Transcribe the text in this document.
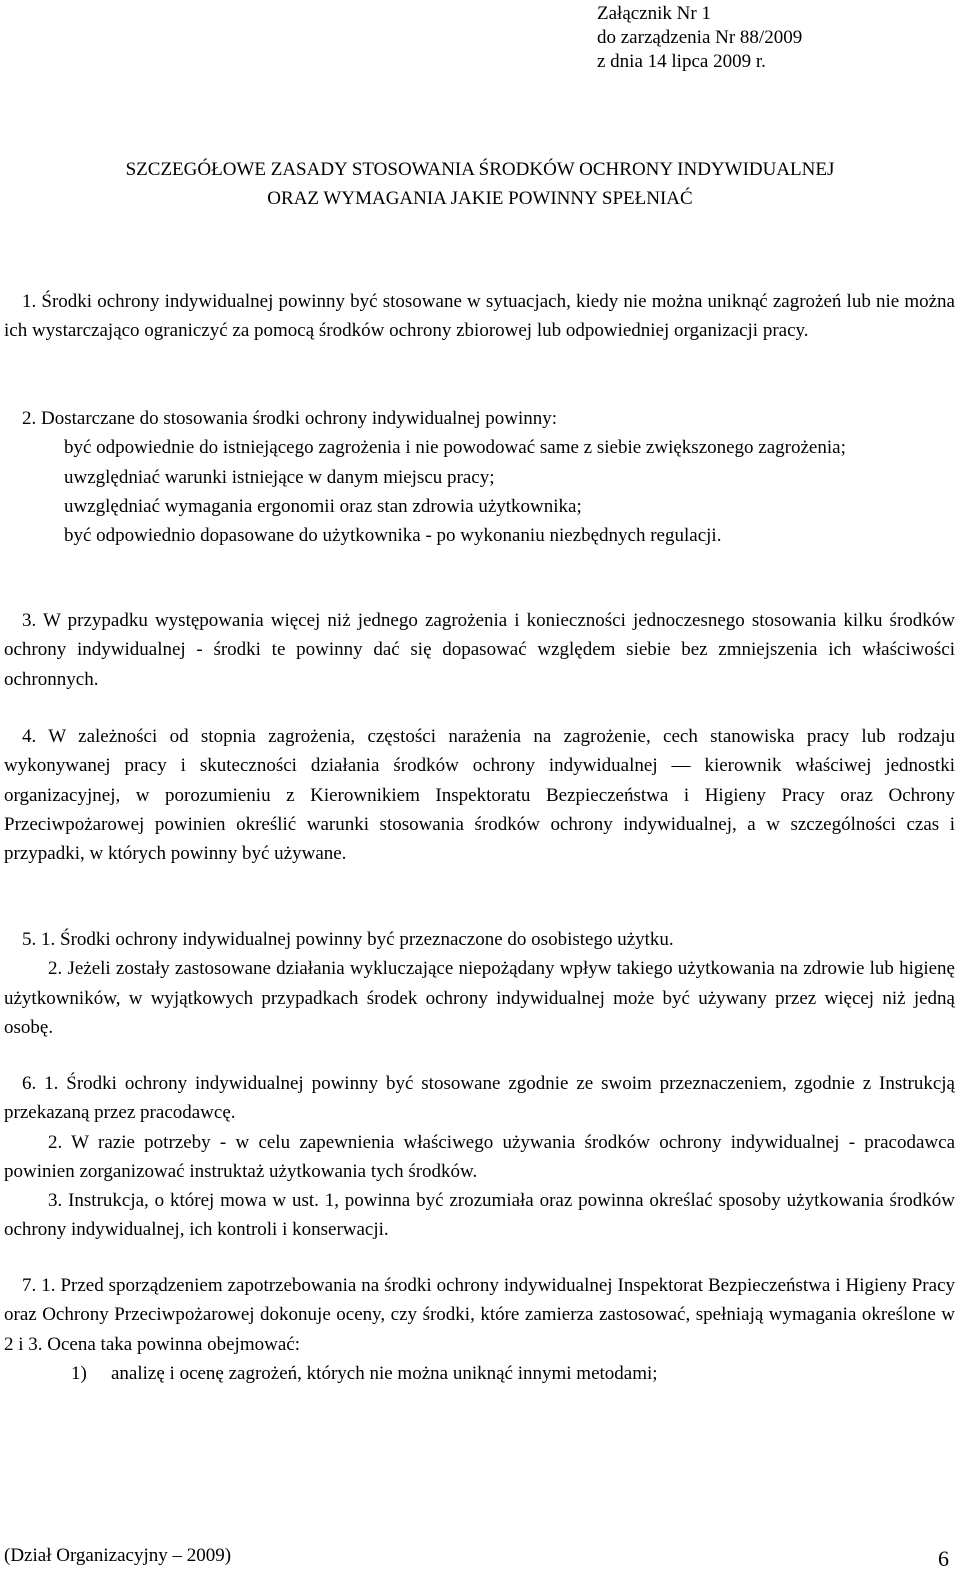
Załącznik Nr 1
do zarządzenia Nr 88/2009
z dnia 14 lipca 2009 r.
SZCZEGÓŁOWE ZASADY STOSOWANIA ŚRODKÓW OCHRONY INDYWIDUALNEJ
ORAZ WYMAGANIA JAKIE POWINNY SPEŁNIAĆ

1. Środki ochrony indywidualnej powinny być stosowane w sytuacjach, kiedy nie można uniknąć zagrożeń lub nie można ich wystarczająco ograniczyć za pomocą środków ochrony zbiorowej lub odpowiedniej organizacji pracy.

2. Dostarczane do stosowania środki ochrony indywidualnej powinny:
być odpowiednie do istniejącego zagrożenia i nie powodować same z siebie zwiększonego zagrożenia;
uwzględniać warunki istniejące w danym miejscu pracy;
uwzględniać wymagania ergonomii oraz stan zdrowia użytkownika;
być odpowiednio dopasowane do użytkownika - po wykonaniu niezbędnych regulacji.

3. W przypadku występowania więcej niż jednego zagrożenia i konieczności jednoczesnego stosowania kilku środków ochrony indywidualnej - środki te powinny dać się dopasować względem siebie bez zmniejszenia ich właściwości ochronnych.

4. W zależności od stopnia zagrożenia, częstości narażenia na zagrożenie, cech stanowiska pracy lub rodzaju wykonywanej pracy i skuteczności działania środków ochrony indywidualnej — kierownik właściwej jednostki organizacyjnej, w porozumieniu z Kierownikiem Inspektoratu Bezpieczeństwa i Higieny Pracy oraz Ochrony Przeciwpożarowej powinien określić warunki stosowania środków ochrony indywidualnej, a w szczególności czas i przypadki, w których powinny być używane.

5. 1. Środki ochrony indywidualnej powinny być przeznaczone do osobistego użytku.

2. Jeżeli zostały zastosowane działania wykluczające niepożądany wpływ takiego użytkowania na zdrowie lub higienę użytkowników, w wyjątkowych przypadkach środek ochrony indywidualnej może być używany przez więcej niż jedną osobę.

6. 1. Środki ochrony indywidualnej powinny być stosowane zgodnie ze swoim przeznaczeniem, zgodnie z Instrukcją przekazaną przez pracodawcę.

2. W razie potrzeby - w celu zapewnienia właściwego używania środków ochrony indywidualnej - pracodawca powinien zorganizować instruktaż użytkowania tych środków.

3. Instrukcja, o której mowa w ust. 1, powinna być zrozumiała oraz powinna określać sposoby użytkowania środków ochrony indywidualnej, ich kontroli i konserwacji.

7. 1. Przed sporządzeniem zapotrzebowania na środki ochrony indywidualnej Inspektorat Bezpieczeństwa i Higieny Pracy oraz Ochrony Przeciwpożarowej dokonuje oceny, czy środki, które zamierza zastosować, spełniają wymagania określone w 2 i 3. Ocena taka powinna obejmować:

1) analizę i ocenę zagrożeń, których nie można uniknąć innymi metodami;
(Dział Organizacyjny – 2009)	6
